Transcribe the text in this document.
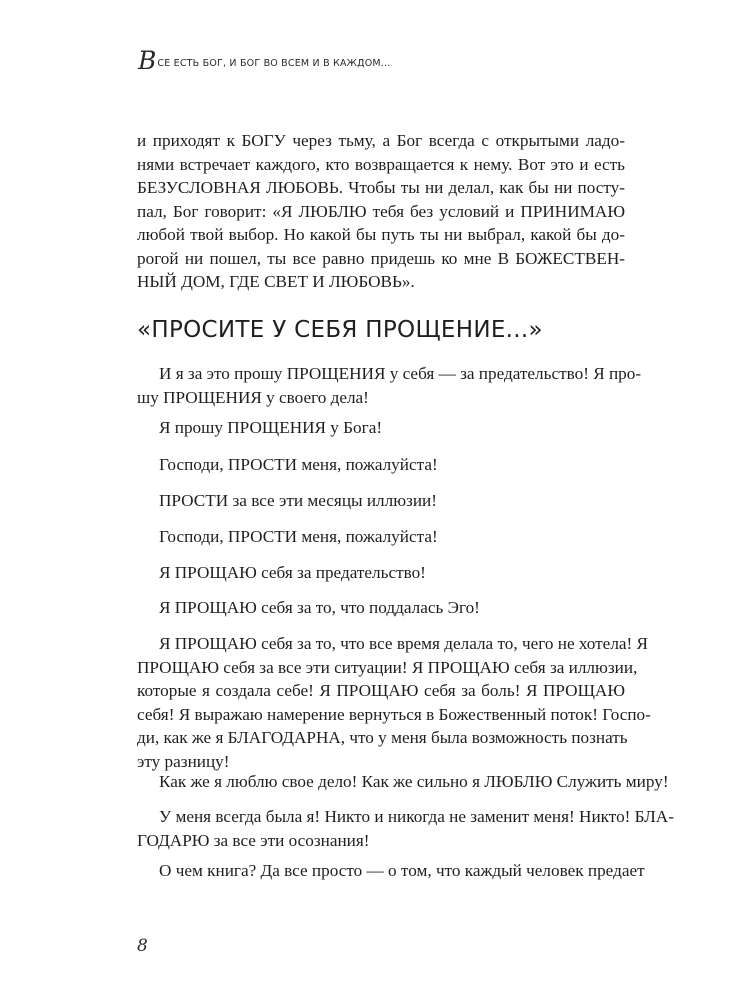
В СЕ ЕСТЬ БОГ, И БОГ ВО ВСЕМ И В КАЖДОМ...
и приходят к БОГУ через тьму, а Бог всегда с открытыми ладо-
нями встречает каждого, кто возвращается к нему. Вот это и есть
БЕЗУСЛОВНАЯ ЛЮБОВЬ. Чтобы ты ни делал, как бы ни посту-
пал, Бог говорит: «Я ЛЮБЛЮ тебя без условий и ПРИНИМАЮ
любой твой выбор. Но какой бы путь ты ни выбрал, какой бы до-
рогой ни пошел, ты все равно придешь ко мне В БОЖЕСТВЕН-
НЫЙ ДОМ, ГДЕ СВЕТ И ЛЮБОВЬ».
«ПРОСИТЕ У СЕБЯ ПРОЩЕНИЕ...»
И я за это прошу ПРОЩЕНИЯ у себя — за предательство! Я про-
шу ПРОЩЕНИЯ у своего дела!
Я прошу ПРОЩЕНИЯ у Бога!
Господи, ПРОСТИ меня, пожалуйста!
ПРОСТИ за все эти месяцы иллюзии!
Господи, ПРОСТИ меня, пожалуйста!
Я ПРОЩАЮ себя за предательство!
Я ПРОЩАЮ себя за то, что поддалась Эго!
Я ПРОЩАЮ себя за то, что все время делала то, чего не хотела! Я
ПРОЩАЮ себя за все эти ситуации! Я ПРОЩАЮ себя за иллюзии,
которые я создала себе! Я ПРОЩАЮ себя за боль! Я ПРОЩАЮ
себя! Я выражаю намерение вернуться в Божественный поток! Госпо-
ди, как же я БЛАГОДАРНА, что у меня была возможность познать
эту разницу!
Как же я люблю свое дело! Как же сильно я ЛЮБЛЮ Служить миру!
У меня всегда была я! Никто и никогда не заменит меня! Никто! БЛА-
ГОДАРЮ за все эти осознания!
О чем книга? Да все просто — о том, что каждый человек предает
8
